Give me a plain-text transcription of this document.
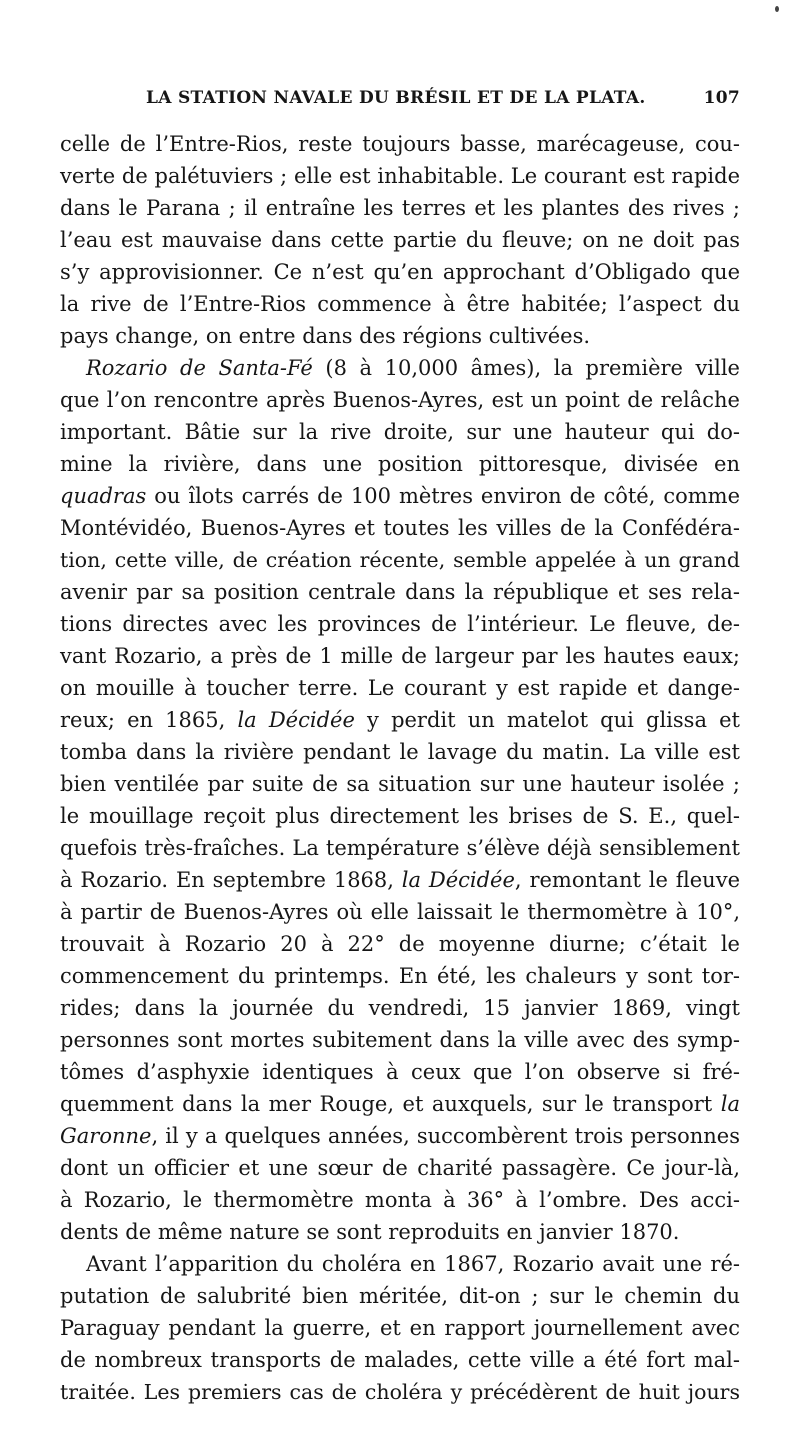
LA STATION NAVALE DU BRÉSIL ET DE LA PLATA.	107
celle de l’Entre-Rios, reste toujours basse, marécageuse, cou-
verte de palétuviers ; elle est inhabitable. Le courant est rapide
dans le Parana ; il entraîne les terres et les plantes des rives ;
l’eau est mauvaise dans cette partie du fleuve; on ne doit pas
s’y approvisionner. Ce n’est qu’en approchant d’Obligado que
la rive de l’Entre-Rios commence à être habitée; l’aspect du
pays change, on entre dans des régions cultivées.
Rozario de Santa-Fé (8 à 10,000 âmes), la première ville
que l’on rencontre après Buenos-Ayres, est un point de relâche
important. Bâtie sur la rive droite, sur une hauteur qui do-
mine la rivière, dans une position pittoresque, divisée en
quadras ou îlots carrés de 100 mètres environ de côté, comme
Montévidéo, Buenos-Ayres et toutes les villes de la Confédéra-
tion, cette ville, de création récente, semble appelée à un grand
avenir par sa position centrale dans la république et ses rela-
tions directes avec les provinces de l’intérieur. Le fleuve, de-
vant Rozario, a près de 1 mille de largeur par les hautes eaux;
on mouille à toucher terre. Le courant y est rapide et dange-
reux; en 1865, la Décidée y perdit un matelot qui glissa et
tomba dans la rivière pendant le lavage du matin. La ville est
bien ventilée par suite de sa situation sur une hauteur isolée ;
le mouillage reçoit plus directement les brises de S. E., quel-
quefois très-fraîches. La température s’élève déjà sensiblement
à Rozario. En septembre 1868, la Décidée, remontant le fleuve
à partir de Buenos-Ayres où elle laissait le thermomètre à 10°,
trouvait à Rozario 20 à 22° de moyenne diurne; c’était le
commencement du printemps. En été, les chaleurs y sont tor-
rides; dans la journée du vendredi, 15 janvier 1869, vingt
personnes sont mortes subitement dans la ville avec des symp-
tômes d’asphyxie identiques à ceux que l’on observe si fré-
quemment dans la mer Rouge, et auxquels, sur le transport la
Garonne, il y a quelques années, succombèrent trois personnes
dont un officier et une sœur de charité passagère. Ce jour-là,
à Rozario, le thermomètre monta à 36° à l’ombre. Des acci-
dents de même nature se sont reproduits en janvier 1870.
Avant l’apparition du choléra en 1867, Rozario avait une ré-
putation de salubrité bien méritée, dit-on ; sur le chemin du
Paraguay pendant la guerre, et en rapport journellement avec
de nombreux transports de malades, cette ville a été fort mal-
traitée. Les premiers cas de choléra y précédèrent de huit jours
